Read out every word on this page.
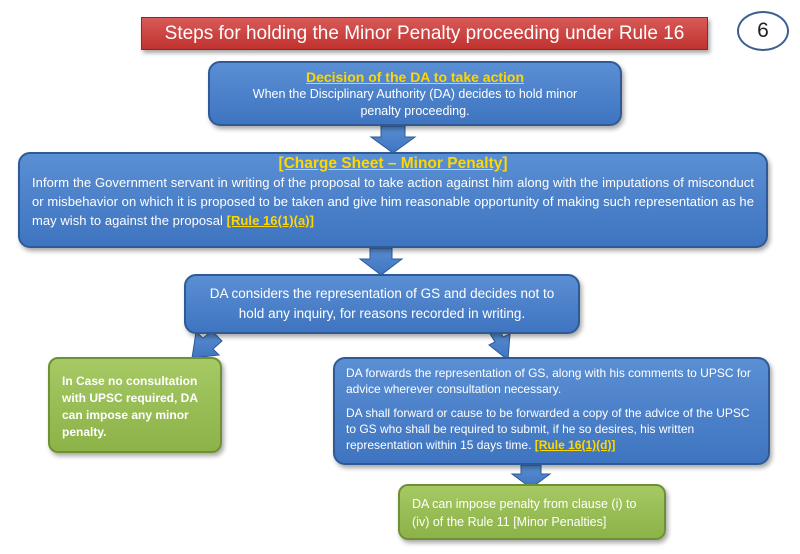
Steps for holding the Minor Penalty proceeding under Rule 16	6
Decision of the DA to take action
When the Disciplinary Authority (DA) decides to hold minor penalty proceeding.
[Charge Sheet – Minor Penalty]
Inform the Government servant in writing of the proposal to take action against him along with the imputations of misconduct or misbehavior on which it is proposed to be taken and give him reasonable opportunity of making such representation as he may wish to against the proposal [Rule 16(1)(a)]
DA considers the representation of GS and decides not to hold any inquiry, for reasons recorded in writing.
In Case no consultation with UPSC required, DA can impose any minor penalty.
DA forwards the representation of GS, along with his comments to UPSC for advice wherever consultation necessary.
DA shall forward or cause to be forwarded a copy of the advice of the UPSC to GS who shall be required to submit, if he so desires, his written representation within 15 days time. [Rule 16(1)(d)]
DA can impose penalty from clause (i) to (iv) of the Rule 11 [Minor Penalties]
